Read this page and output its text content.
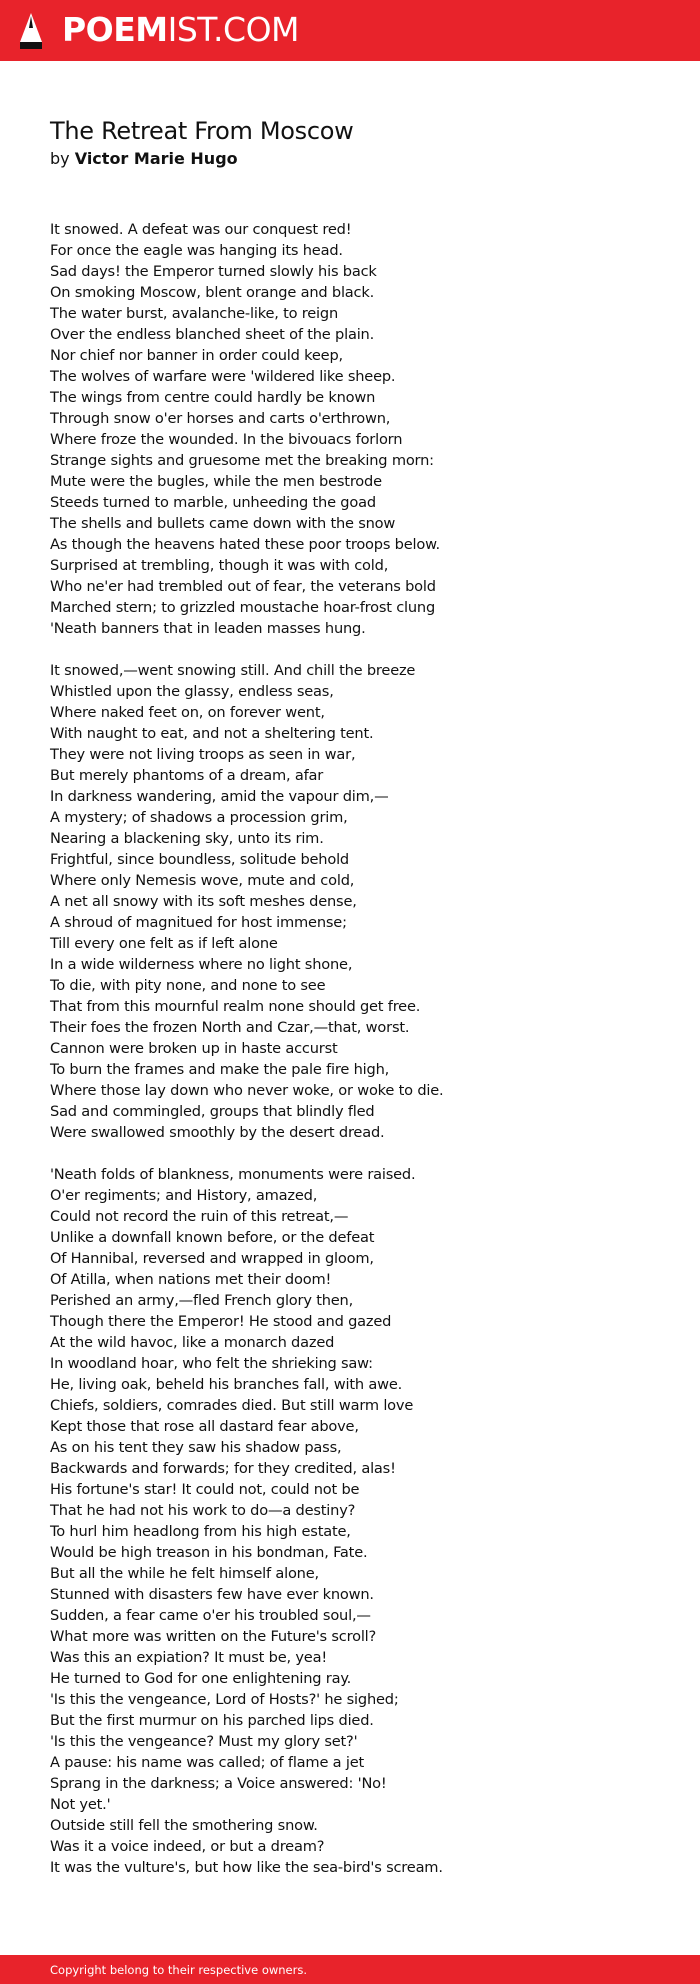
POEMIST.COM
The Retreat From Moscow
by Victor Marie Hugo
It snowed. A defeat was our conquest red!
For once the eagle was hanging its head.
Sad days! the Emperor turned slowly his back
On smoking Moscow, blent orange and black.
The water burst, avalanche-like, to reign
Over the endless blanched sheet of the plain.
Nor chief nor banner in order could keep,
The wolves of warfare were 'wildered like sheep.
The wings from centre could hardly be known
Through snow o'er horses and carts o'erthrown,
Where froze the wounded. In the bivouacs forlorn
Strange sights and gruesome met the breaking morn:
Mute were the bugles, while the men bestrode
Steeds turned to marble, unheeding the goad
The shells and bullets came down with the snow
As though the heavens hated these poor troops below.
Surprised at trembling, though it was with cold,
Who ne'er had trembled out of fear, the veterans bold
Marched stern; to grizzled moustache hoar-frost clung
'Neath banners that in leaden masses hung.
It snowed,—went snowing still. And chill the breeze
Whistled upon the glassy, endless seas,
Where naked feet on, on forever went,
With naught to eat, and not a sheltering tent.
They were not living troops as seen in war,
But merely phantoms of a dream, afar
In darkness wandering, amid the vapour dim,—
A mystery; of shadows a procession grim,
Nearing a blackening sky, unto its rim.
Frightful, since boundless, solitude behold
Where only Nemesis wove, mute and cold,
A net all snowy with its soft meshes dense,
A shroud of magnitued for host immense;
Till every one felt as if left alone
In a wide wilderness where no light shone,
To die, with pity none, and none to see
That from this mournful realm none should get free.
Their foes the frozen North and Czar,—that, worst.
Cannon were broken up in haste accurst
To burn the frames and make the pale fire high,
Where those lay down who never woke, or woke to die.
Sad and commingled, groups that blindly fled
Were swallowed smoothly by the desert dread.
'Neath folds of blankness, monuments were raised.
O'er regiments; and History, amazed,
Could not record the ruin of this retreat,—
Unlike a downfall known before, or the defeat
Of Hannibal, reversed and wrapped in gloom,
Of Atilla, when nations met their doom!
Perished an army,—fled French glory then,
Though there the Emperor! He stood and gazed
At the wild havoc, like a monarch dazed
In woodland hoar, who felt the shrieking saw:
He, living oak, beheld his branches fall, with awe.
Chiefs, soldiers, comrades died. But still warm love
Kept those that rose all dastard fear above,
As on his tent they saw his shadow pass,
Backwards and forwards; for they credited, alas!
His fortune's star! It could not, could not be
That he had not his work to do—a destiny?
To hurl him headlong from his high estate,
Would be high treason in his bondman, Fate.
But all the while he felt himself alone,
Stunned with disasters few have ever known.
Sudden, a fear came o'er his troubled soul,—
What more was written on the Future's scroll?
Was this an expiation? It must be, yea!
He turned to God for one enlightening ray.
'Is this the vengeance, Lord of Hosts?' he sighed;
But the first murmur on his parched lips died.
'Is this the vengeance? Must my glory set?'
A pause: his name was called; of flame a jet
Sprang in the darkness; a Voice answered: 'No!
Not yet.'
Outside still fell the smothering snow.
Was it a voice indeed, or but a dream?
It was the vulture's, but how like the sea-bird's scream.
Copyright belong to their respective owners.
